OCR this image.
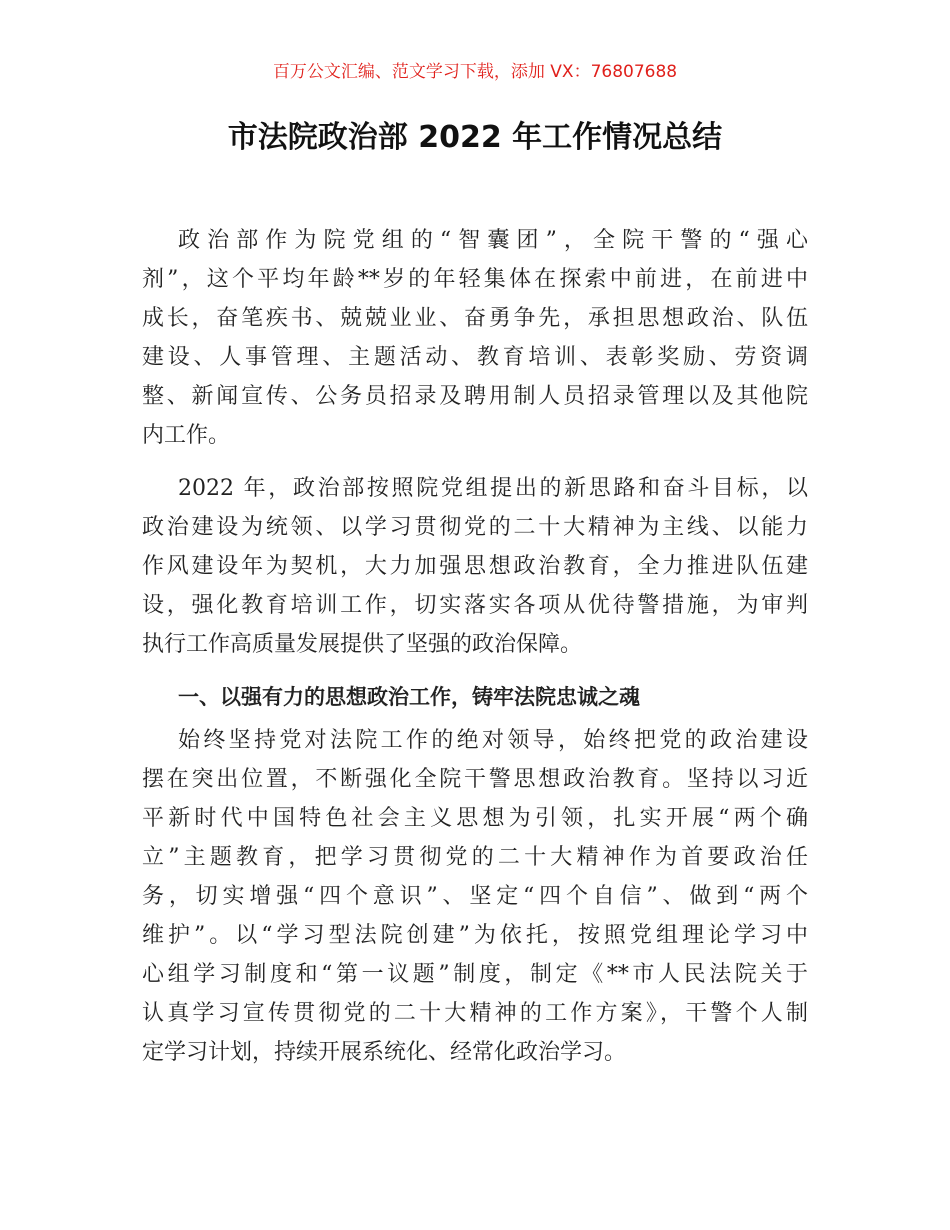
百万公文汇编、范文学习下载，添加 VX：76807688
市法院政治部 2022 年工作情况总结
政治部作为院党组的“智囊团”，全院干警的“强心
剂”，这个平均年龄**岁的年轻集体在探索中前进，在前进中
成长，奋笔疾书、兢兢业业、奋勇争先，承担思想政治、队伍
建设、人事管理、主题活动、教育培训、表彰奖励、劳资调
整、新闻宣传、公务员招录及聘用制人员招录管理以及其他院
内工作。
2022 年，政治部按照院党组提出的新思路和奋斗目标，以
政治建设为统领、以学习贯彻党的二十大精神为主线、以能力
作风建设年为契机，大力加强思想政治教育，全力推进队伍建
设，强化教育培训工作，切实落实各项从优待警措施，为审判
执行工作高质量发展提供了坚强的政治保障。
一、以强有力的思想政治工作，铸牢法院忠诚之魂
始终坚持党对法院工作的绝对领导，始终把党的政治建设
摆在突出位置，不断强化全院干警思想政治教育。坚持以习近
平新时代中国特色社会主义思想为引领，扎实开展“两个确
立”主题教育，把学习贯彻党的二十大精神作为首要政治任
务，切实增强“四个意识”、坚定“四个自信”、做到“两个
维护”。以“学习型法院创建”为依托，按照党组理论学习中
心组学习制度和“第一议题”制度，制定《**市人民法院关于
认真学习宣传贯彻党的二十大精神的工作方案》，干警个人制
定学习计划，持续开展系统化、经常化政治学习。
